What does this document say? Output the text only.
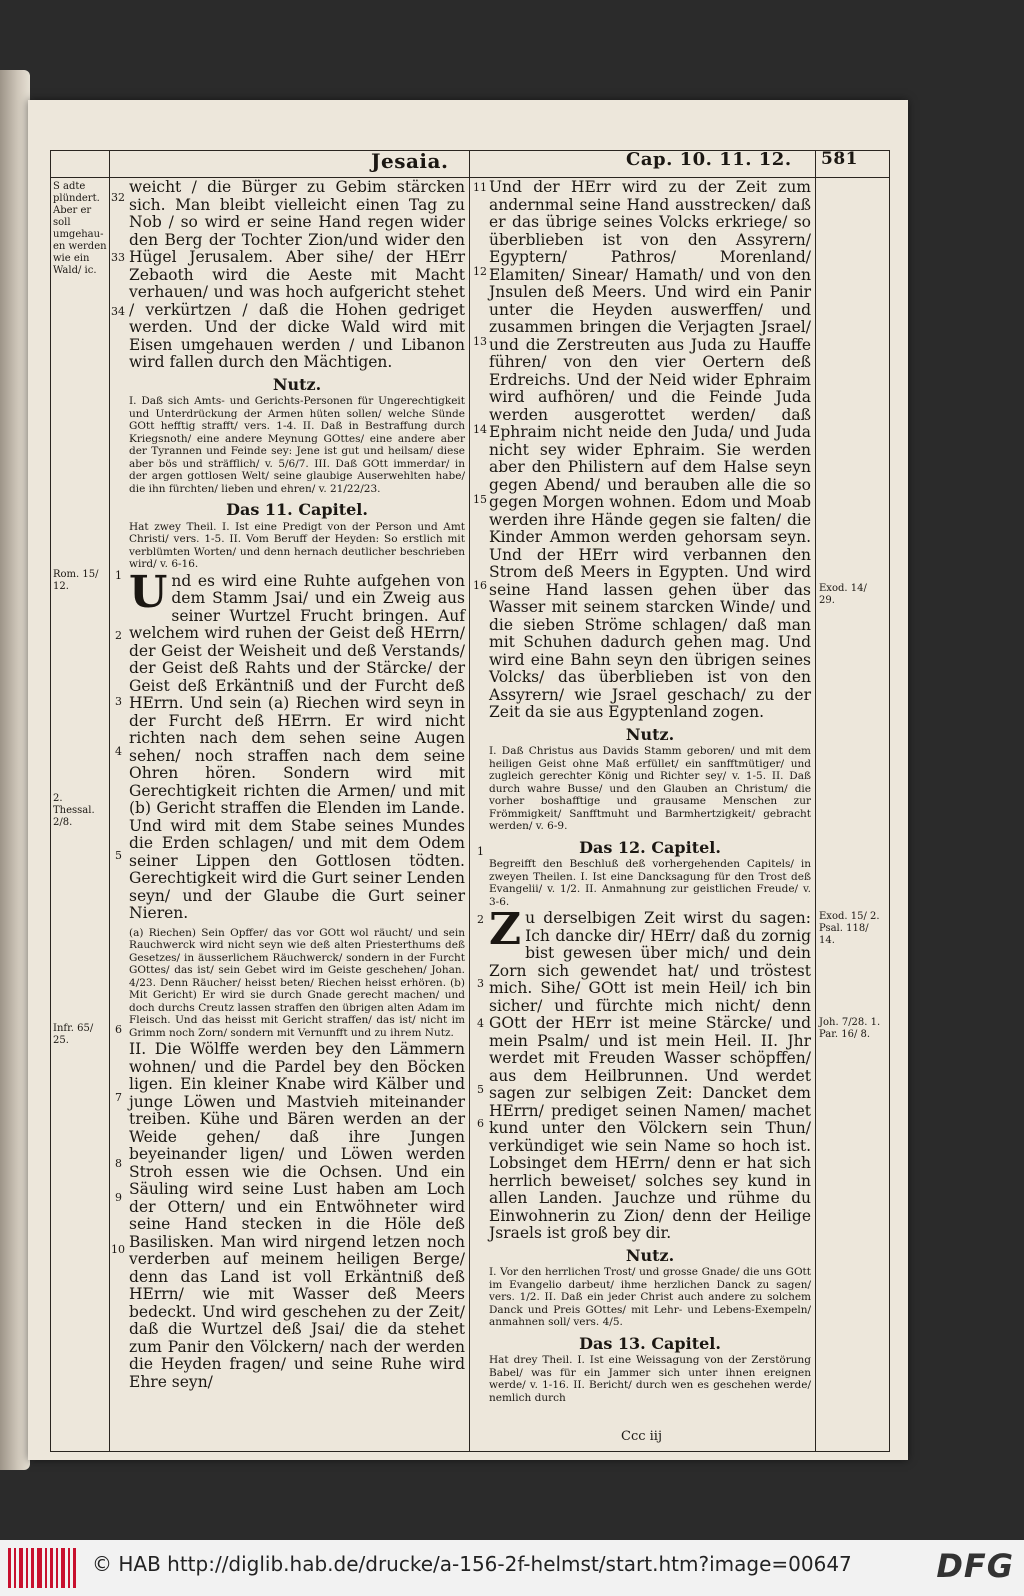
Jesaia.	Cap. 10. 11. 12. 581
S adte plündert. Aber er soll umgehau-en werden wie ein Wald/ ic.
Rom. 15/ 12.
2. Thessal. 2/8.
Infr. 65/ 25.
Exod. 14/ 29.
Exod. 15/ 2. Psal. 118/ 14.
Joh. 7/28. 1. Par. 16/ 8.
32
33
34
1
2
3
4
5
6
7
8
9
10
11
12
13
14
15
16
1
2
3
4
5
6

weicht / die Bürger zu Gebim stärcken sich. Man bleibt vielleicht einen Tag zu Nob / so wird er seine Hand regen wider den Berg der Tochter Zion/und wider den Hügel Jerusalem. Aber sihe/ der HErr Zebaoth wird die Aeste mit Macht verhauen/ und was hoch aufgericht stehet / verkürtzen / daß die Hohen gedriget werden. Und der dicke Wald wird mit Eisen umgehauen werden / und Libanon wird fallen durch den Mächtigen.

Nutz.

I. Daß sich Amts- und Gerichts-Personen für Ungerechtigkeit und Unterdrückung der Armen hüten sollen/ welche Sünde GOtt hefftig strafft/ vers. 1-4. II. Daß in Bestraffung durch Kriegsnoth/ eine andere Meynung GOttes/ eine andere aber der Tyrannen und Feinde sey: Jene ist gut und heilsam/ diese aber bös und sträfflich/ v. 5/6/7. III. Daß GOtt immerdar/ in der argen gottlosen Welt/ seine glaubige Auserwehlten habe/ die ihn fürchten/ lieben und ehren/ v. 21/22/23.

Das 11. Capitel.

Hat zwey Theil. I. Ist eine Predigt von der Person und Amt Christi/ vers. 1-5. II. Vom Beruff der Heyden: So erstlich mit verblümten Worten/ und denn hernach deutlicher beschrieben wird/ v. 6-16.

Und es wird eine Ruhte aufgehen von dem Stamm Jsai/ und ein Zweig aus seiner Wurtzel Frucht bringen. Auf welchem wird ruhen der Geist deß HErrn/ der Geist der Weisheit und deß Verstands/ der Geist deß Rahts und der Stärcke/ der Geist deß Erkäntniß und der Furcht deß HErrn. Und sein (a) Riechen wird seyn in der Furcht deß HErrn. Er wird nicht richten nach dem sehen seine Augen sehen/ noch straffen nach dem seine Ohren hören. Sondern wird mit Gerechtigkeit richten die Armen/ und mit (b) Gericht straffen die Elenden im Lande. Und wird mit dem Stabe seines Mundes die Erden schlagen/ und mit dem Odem seiner Lippen den Gottlosen tödten. Gerechtigkeit wird die Gurt seiner Lenden seyn/ und der Glaube die Gurt seiner Nieren.

(a) Riechen) Sein Opffer/ das vor GOtt wol räucht/ und sein Rauchwerck wird nicht seyn wie deß alten Priesterthums deß Gesetzes/ in äusserlichem Räuchwerck/ sondern in der Furcht GOttes/ das ist/ sein Gebet wird im Geiste geschehen/ Johan. 4/23. Denn Räucher/ heisst beten/ Riechen heisst erhören. (b) Mit Gericht) Er wird sie durch Gnade gerecht machen/ und doch durchs Creutz lassen straffen den übrigen alten Adam im Fleisch. Und das heisst mit Gericht straffen/ das ist/ nicht im Grimm noch Zorn/ sondern mit Vernunfft und zu ihrem Nutz.

II. Die Wölffe werden bey den Lämmern wohnen/ und die Pardel bey den Böcken ligen. Ein kleiner Knabe wird Kälber und junge Löwen und Mastvieh miteinander treiben. Kühe und Bären werden an der Weide gehen/ daß ihre Jungen beyeinander ligen/ und Löwen werden Stroh essen wie die Ochsen. Und ein Säuling wird seine Lust haben am Loch der Ottern/ und ein Entwöhneter wird seine Hand stecken in die Höle deß Basilisken. Man wird nirgend letzen noch verderben auf meinem heiligen Berge/ denn das Land ist voll Erkäntniß deß HErrn/ wie mit Wasser deß Meers bedeckt. Und wird geschehen zu der Zeit/ daß die Wurtzel deß Jsai/ die da stehet zum Panir den Völckern/ nach der werden die Heyden fragen/ und seine Ruhe wird Ehre seyn/

Und der HErr wird zu der Zeit zum andernmal seine Hand ausstrecken/ daß er das übrige seines Volcks erkriege/ so überblieben ist von den Assyrern/ Egyptern/ Pathros/ Morenland/ Elamiten/ Sinear/ Hamath/ und von den Jnsulen deß Meers. Und wird ein Panir unter die Heyden auswerffen/ und zusammen bringen die Verjagten Jsrael/ und die Zerstreuten aus Juda zu Hauffe führen/ von den vier Oertern deß Erdreichs. Und der Neid wider Ephraim wird aufhören/ und die Feinde Juda werden ausgerottet werden/ daß Ephraim nicht neide den Juda/ und Juda nicht sey wider Ephraim. Sie werden aber den Philistern auf dem Halse seyn gegen Abend/ und berauben alle die so gegen Morgen wohnen. Edom und Moab werden ihre Hände gegen sie falten/ die Kinder Ammon werden gehorsam seyn. Und der HErr wird verbannen den Strom deß Meers in Egypten. Und wird seine Hand lassen gehen über das Wasser mit seinem starcken Winde/ und die sieben Ströme schlagen/ daß man mit Schuhen dadurch gehen mag. Und wird eine Bahn seyn den übrigen seines Volcks/ das überblieben ist von den Assyrern/ wie Jsrael geschach/ zu der Zeit da sie aus Egyptenland zogen.

Nutz.

I. Daß Christus aus Davids Stamm geboren/ und mit dem heiligen Geist ohne Maß erfüllet/ ein sanfftmütiger/ und zugleich gerechter König und Richter sey/ v. 1-5. II. Daß durch wahre Busse/ und den Glauben an Christum/ die vorher boshafftige und grausame Menschen zur Frömmigkeit/ Sanfftmuht und Barmhertzigkeit/ gebracht werden/ v. 6-9.

Das 12. Capitel.

Begreifft den Beschluß deß vorhergehenden Capitels/ in zweyen Theilen. I. Ist eine Dancksagung für den Trost deß Evangelii/ v. 1/2. II. Anmahnung zur geistlichen Freude/ v. 3-6.

Zu derselbigen Zeit wirst du sagen: Ich dancke dir/ HErr/ daß du zornig bist gewesen über mich/ und dein Zorn sich gewendet hat/ und tröstest mich. Sihe/ GOtt ist mein Heil/ ich bin sicher/ und fürchte mich nicht/ denn GOtt der HErr ist meine Stärcke/ und mein Psalm/ und ist mein Heil. II. Jhr werdet mit Freuden Wasser schöpffen/ aus dem Heilbrunnen. Und werdet sagen zur selbigen Zeit: Dancket dem HErrn/ prediget seinen Namen/ machet kund unter den Völckern sein Thun/ verkündiget wie sein Name so hoch ist. Lobsinget dem HErrn/ denn er hat sich herrlich beweiset/ solches sey kund in allen Landen. Jauchze und rühme du Einwohnerin zu Zion/ denn der Heilige Jsraels ist groß bey dir.

Nutz.

I. Vor den herrlichen Trost/ und grosse Gnade/ die uns GOtt im Evangelio darbeut/ ihme herzlichen Danck zu sagen/ vers. 1/2. II. Daß ein jeder Christ auch andere zu solchem Danck und Preis GOttes/ mit Lehr- und Lebens-Exempeln/ anmahnen soll/ vers. 4/5.

Das 13. Capitel.

Hat drey Theil. I. Ist eine Weissagung von der Zerstörung Babel/ was für ein Jammer sich unter ihnen ereignen werde/ v. 1-16. II. Bericht/ durch wen es geschehen werde/ nemlich durch

Ccc iij
© HAB http://diglib.hab.de/drucke/a-156-2f-helmst/start.htm?image=00647	DFG
